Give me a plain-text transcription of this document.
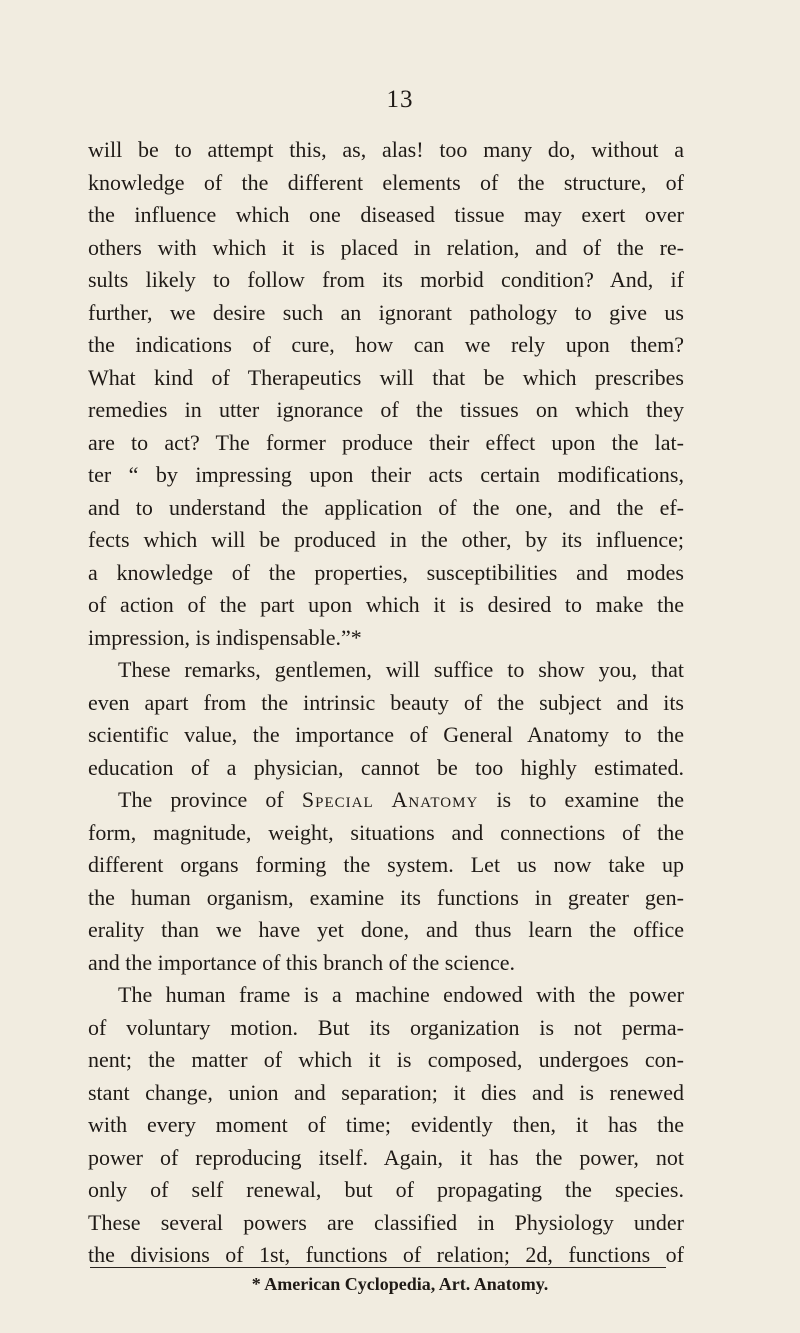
13
will be to attempt this, as, alas! too many do, without a
knowledge of the different elements of the structure, of
the influence which one diseased tissue may exert over
others with which it is placed in relation, and of the re-
sults likely to follow from its morbid condition? And, if
further, we desire such an ignorant pathology to give us
the indications of cure, how can we rely upon them?
What kind of Therapeutics will that be which prescribes
remedies in utter ignorance of the tissues on which they
are to act? The former produce their effect upon the lat-
ter “ by impressing upon their acts certain modifications,
and to understand the application of the one, and the ef-
fects which will be produced in the other, by its influence;
a knowledge of the properties, susceptibilities and modes
of action of the part upon which it is desired to make the
impression, is indispensable.”*
These remarks, gentlemen, will suffice to show you, that
even apart from the intrinsic beauty of the subject and its
scientific value, the importance of General Anatomy to the
education of a physician, cannot be too highly estimated.
The province of Special Anatomy is to examine the
form, magnitude, weight, situations and connections of the
different organs forming the system. Let us now take up
the human organism, examine its functions in greater gen-
erality than we have yet done, and thus learn the office
and the importance of this branch of the science.
The human frame is a machine endowed with the power
of voluntary motion. But its organization is not perma-
nent; the matter of which it is composed, undergoes con-
stant change, union and separation; it dies and is renewed
with every moment of time; evidently then, it has the
power of reproducing itself. Again, it has the power, not
only of self renewal, but of propagating the species.
These several powers are classified in Physiology under
the divisions of 1st, functions of relation; 2d, functions of
* American Cyclopedia, Art. Anatomy.
